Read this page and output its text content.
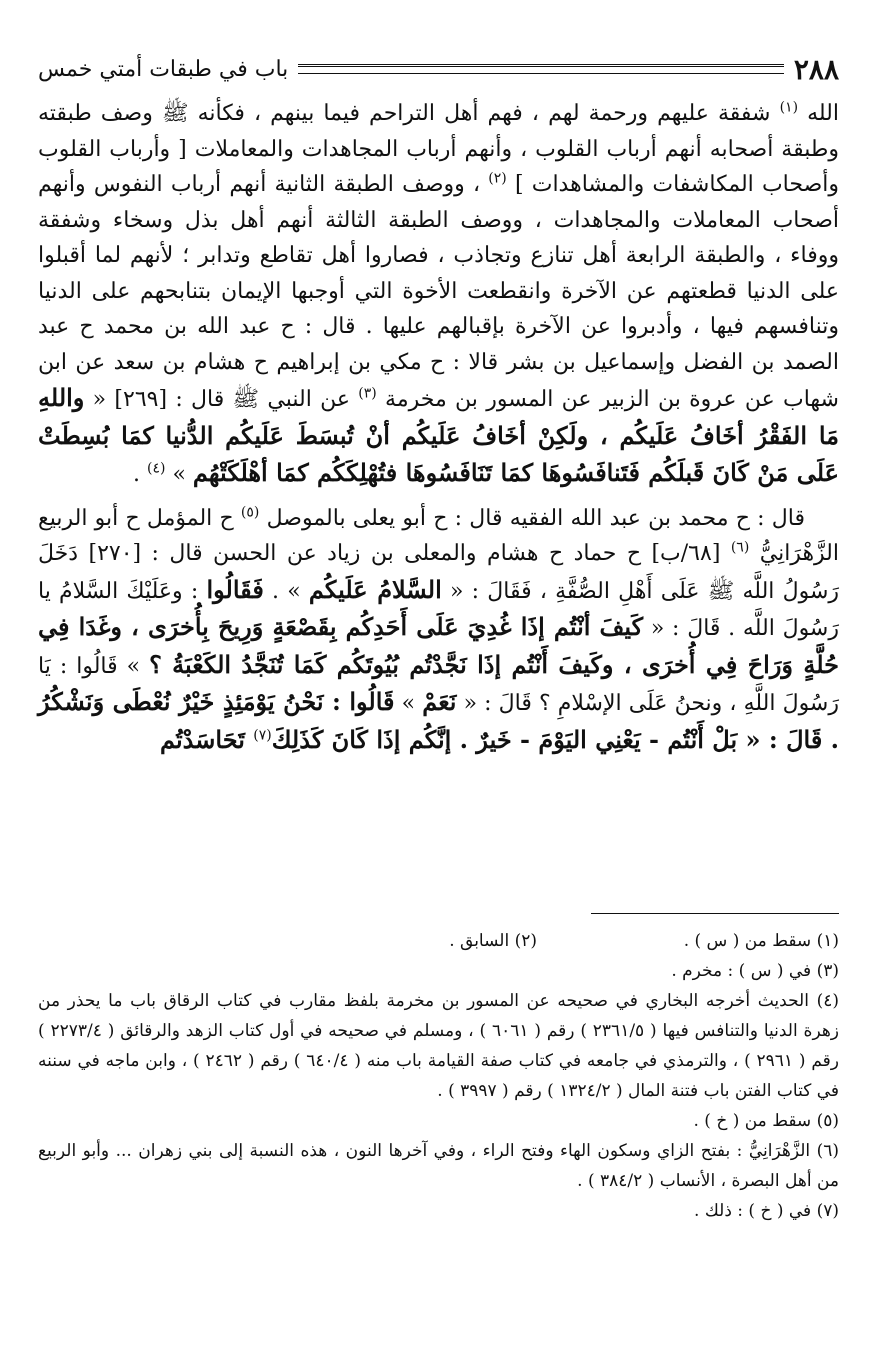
٢٨٨
باب في طبقات أمتي خمس

الله $^{(١)}$ شفقة عليهم ورحمة لهم ، فهم أهل التراحم فيما بينهم ، فكأنه ﷺ وصف طبقته وطبقة أصحابه أنهم أرباب القلوب ، وأنهم أرباب المجاهدات والمعاملات [ وأرباب القلوب وأصحاب المكاشفات والمشاهدات ] $^{(٢)}$ ، ووصف الطبقة الثانية أنهم أرباب النفوس وأنهم أصحاب المعاملات والمجاهدات ، ووصف الطبقة الثالثة أنهم أهل بذل وسخاء وشفقة ووفاء ، والطبقة الرابعة أهل تنازع وتجاذب ، فصاروا أهل تقاطع وتدابر ؛ لأنهم لما أقبلوا على الدنيا قطعتهم عن الآخرة وانقطعت الأخوة التي أوجبها الإيمان بتنابحهم على الدنيا وتنافسهم فيها ، وأدبروا عن الآخرة بإقبالهم عليها . قال : ح عبد الله بن محمد ح عبد الصمد بن الفضل وإسماعيل بن بشر قالا : ح مكي بن إبراهيم ح هشام بن سعد عن ابن شهاب عن عروة بن الزبير عن المسور بن مخرمة $^{(٣)}$ عن النبي ﷺ قال : [٢٦٩] « واللهِ مَا الفَقْرُ أخَافُ عَلَيكُم ، ولَكِنْ أخَافُ عَلَيكُم أنْ تُبسَطَ عَلَيكُم الدُّنيا كمَا بُسِطَتْ عَلَى مَنْ كَانَ قَبلَكُم فَتَنافَسُوهَا كمَا تَنَافَسُوهَا فتُهْلِكَكُم كمَا أهْلَكَتْهُم » $^{(٤)}$ .

قال : ح محمد بن عبد الله الفقيه قال : ح أبو يعلى بالموصل $^{(٥)}$ ح المؤمل ح أبو الربيع الزَّهْرَانِيُّ $^{(٦)}$ [٦٨/ب] ح حماد ح هشام والمعلى بن زياد عن الحسن قال : [٢٧٠] دَخَلَ رَسُولُ اللَّه ﷺ عَلَى أَهْلِ الصُّفَّةِ ، فَقَالَ : « السَّلامُ عَلَيكُم » . فَقَالُوا : وعَلَيْكَ السَّلامُ يا رَسُولَ اللَّه . قَالَ : « كَيفَ أنْتُم إذَا غُدِيَ عَلَى أَحَدِكُم بِقَصْعَةٍ وَرِيحَ بِأُخرَى ، وغَدَا فِي حُلَّةٍ وَرَاحَ فِي أُخرَى ، وكَيفَ أَنْتُم إذَا نَجَّدْتُم بُيُوتَكُم كَمَا تُنَجَّدُ الكَعْبَةُ ؟ » قَالُوا : يَا رَسُولَ اللَّهِ ، ونحنُ عَلَى الإسْلامِ ؟ قَالَ : « نَعَمْ » قَالُوا : نَحْنُ يَوْمَئِذٍ خَيْرٌ نُعْطَى وَنَشْكُرُ . قَالَ : « بَلْ أَنْتُم - يَعْنِي اليَوْمَ - خَيرٌ . إنَّكُم إذَا كَانَ كَذَلِكَ$^{(٧)}$ تَحَاسَدْتُم

(١) سقط من ( س ) .
(٢) السابق .
(٣) في ( س ) : مخرم .
(٤) الحديث أخرجه البخاري في صحيحه عن المسور بن مخرمة بلفظ مقارب في كتاب الرقاق باب ما يحذر من زهرة الدنيا والتنافس فيها ( ٢٣٦١/٥ ) رقم ( ٦٠٦١ ) ، ومسلم في صحيحه في أول كتاب الزهد والرقائق ( ٢٢٧٣/٤ ) رقم ( ٢٩٦١ ) ، والترمذي في جامعه في كتاب صفة القيامة باب منه ( ٦٤٠/٤ ) رقم ( ٢٤٦٢ ) ، وابن ماجه في سننه في كتاب الفتن باب فتنة المال ( ١٣٢٤/٢ ) رقم ( ٣٩٩٧ ) .
(٥) سقط من ( خ ) .
(٦) الزَّهْرَانِيُّ : بفتح الزاي وسكون الهاء وفتح الراء ، وفي آخرها النون ، هذه النسبة إلى بني زهران ... وأبو الربيع من أهل البصرة ، الأنساب ( ٣٨٤/٢ ) .
(٧) في ( خ ) : ذلك .
